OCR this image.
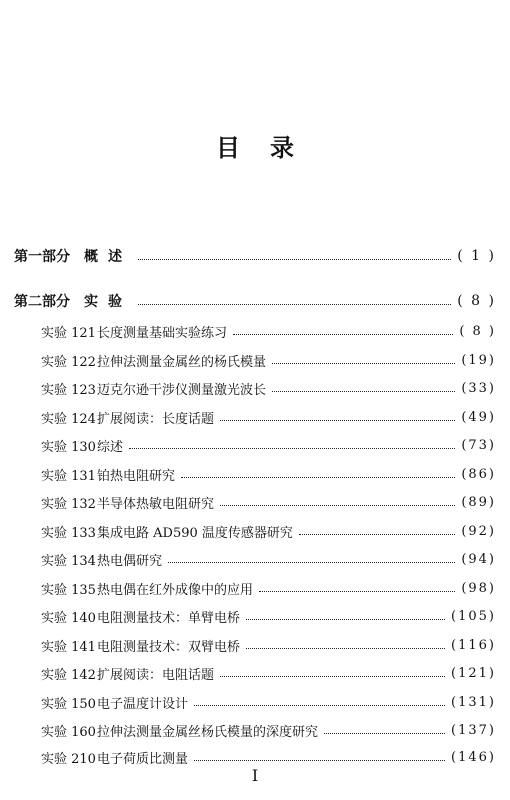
目 录
第一部分 概述	( 1 )
第二部分 实验	( 8 )
实验 121长度测量基础实验练习	( 8 )
实验 122拉伸法测量金属丝的杨氏模量	(19)
实验 123迈克尔逊干涉仪测量激光波长	(33)
实验 124扩展阅读：长度话题	(49)
实验 130综述	(73)
实验 131铂热电阻研究	(86)
实验 132半导体热敏电阻研究	(89)
实验 133集成电路 AD590 温度传感器研究	(92)
实验 134热电偶研究	(94)
实验 135热电偶在红外成像中的应用	(98)
实验 140电阻测量技术：单臂电桥	(105)
实验 141电阻测量技术：双臂电桥	(116)
实验 142扩展阅读：电阻话题	(121)
实验 150电子温度计设计	(131)
实验 160拉伸法测量金属丝杨氏模量的深度研究	(137)
实验 210电子荷质比测量	(146)
I
